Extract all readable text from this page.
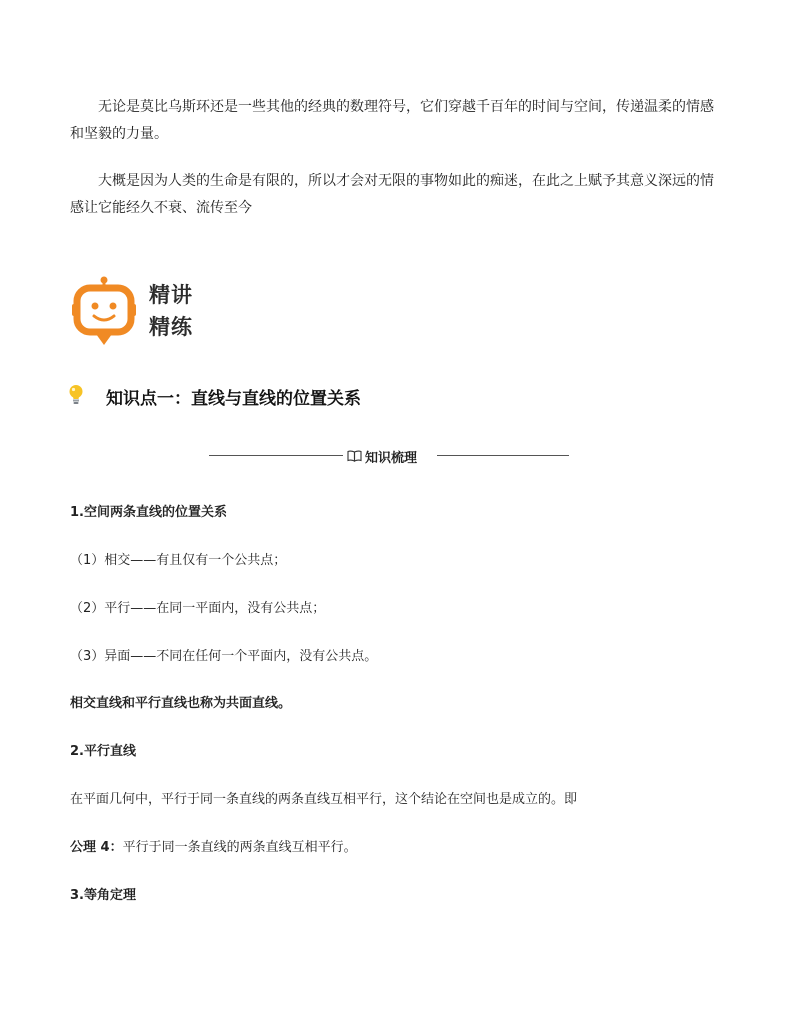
无论是莫比乌斯环还是一些其他的经典的数理符号，它们穿越千百年的时间与空间，传递温柔的情感和坚毅的力量。
大概是因为人类的生命是有限的，所以才会对无限的事物如此的痴迷，在此之上赋予其意义深远的情感让它能经久不衰、流传至今
精讲
精练
知识点一：直线与直线的位置关系
知识梳理
1.空间两条直线的位置关系
（1）相交——有且仅有一个公共点；
（2）平行——在同一平面内，没有公共点；
（3）异面——不同在任何一个平面内，没有公共点。
相交直线和平行直线也称为共面直线。
2.平行直线
在平面几何中，平行于同一条直线的两条直线互相平行，这个结论在空间也是成立的。即
公理 4：平行于同一条直线的两条直线互相平行。
3.等角定理
